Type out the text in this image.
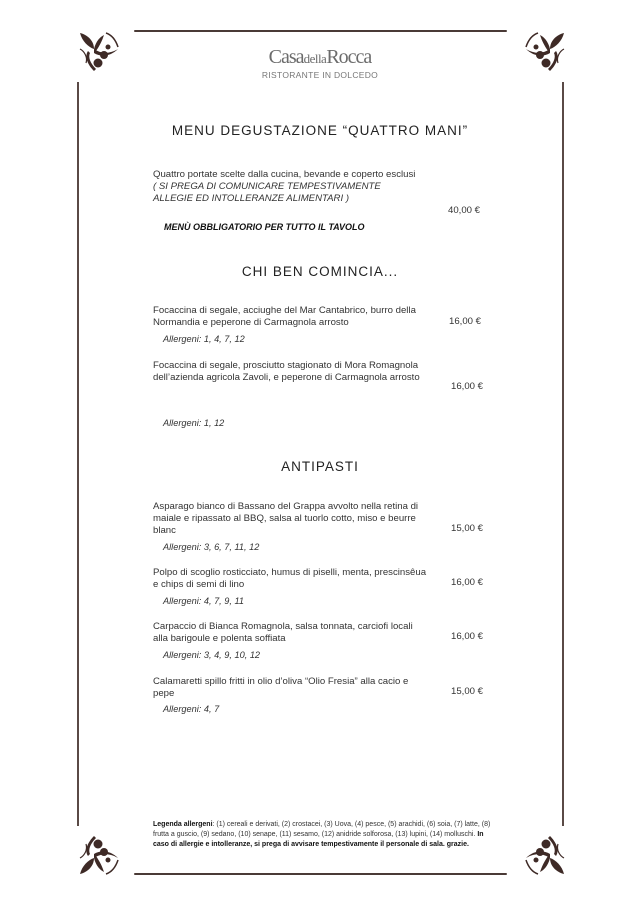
CasadellaRocca
RISTORANTE IN DOLCEDO
MENU DEGUSTAZIONE “QUATTRO MANI”
Quattro portate scelte dalla cucina, bevande e coperto esclusi
( SI PREGA DI COMUNICARE TEMPESTIVAMENTE
ALLEGIE ED INTOLLERANZE ALIMENTARI )
40,00 €
MENÙ OBBLIGATORIO PER TUTTO IL TAVOLO
CHI BEN COMINCIA...
Focaccina di segale, acciughe del Mar Cantabrico, burro della Normandia e peperone di Carmagnola arrosto	16,00 €
Allergeni: 1, 4, 7, 12
Focaccina di segale, prosciutto stagionato di Mora Romagnola dell’azienda agricola Zavoli, e peperone di Carmagnola arrosto
16,00 €
Allergeni: 1, 12
ANTIPASTI
Asparago bianco di Bassano del Grappa avvolto nella retina di maiale e ripassato al BBQ, salsa al tuorlo cotto, miso e beurre blanc	15,00 €
Allergeni: 3, 6, 7, 11, 12
Polpo di scoglio rosticciato, humus di piselli, menta, prescinsêua e chips di semi di lino	16,00 €
Allergeni: 4, 7, 9, 11
Carpaccio di Bianca Romagnola, salsa tonnata, carciofi locali alla barigoule e polenta soffiata	16,00 €
Allergeni: 3, 4, 9, 10, 12
Calamaretti spillo fritti in olio d’oliva “Olio Fresia” alla cacio e pepe	15,00 €
Allergeni: 4, 7
Legenda allergeni: (1) cereali e derivati, (2) crostacei, (3) Uova, (4) pesce, (5) arachidi, (6) soia, (7) latte, (8) frutta a guscio, (9) sedano, (10) senape, (11) sesamo, (12) anidride solforosa, (13) lupini, (14) molluschi. In caso di allergie e intolleranze, si prega di avvisare tempestivamente il personale di sala. grazie.
